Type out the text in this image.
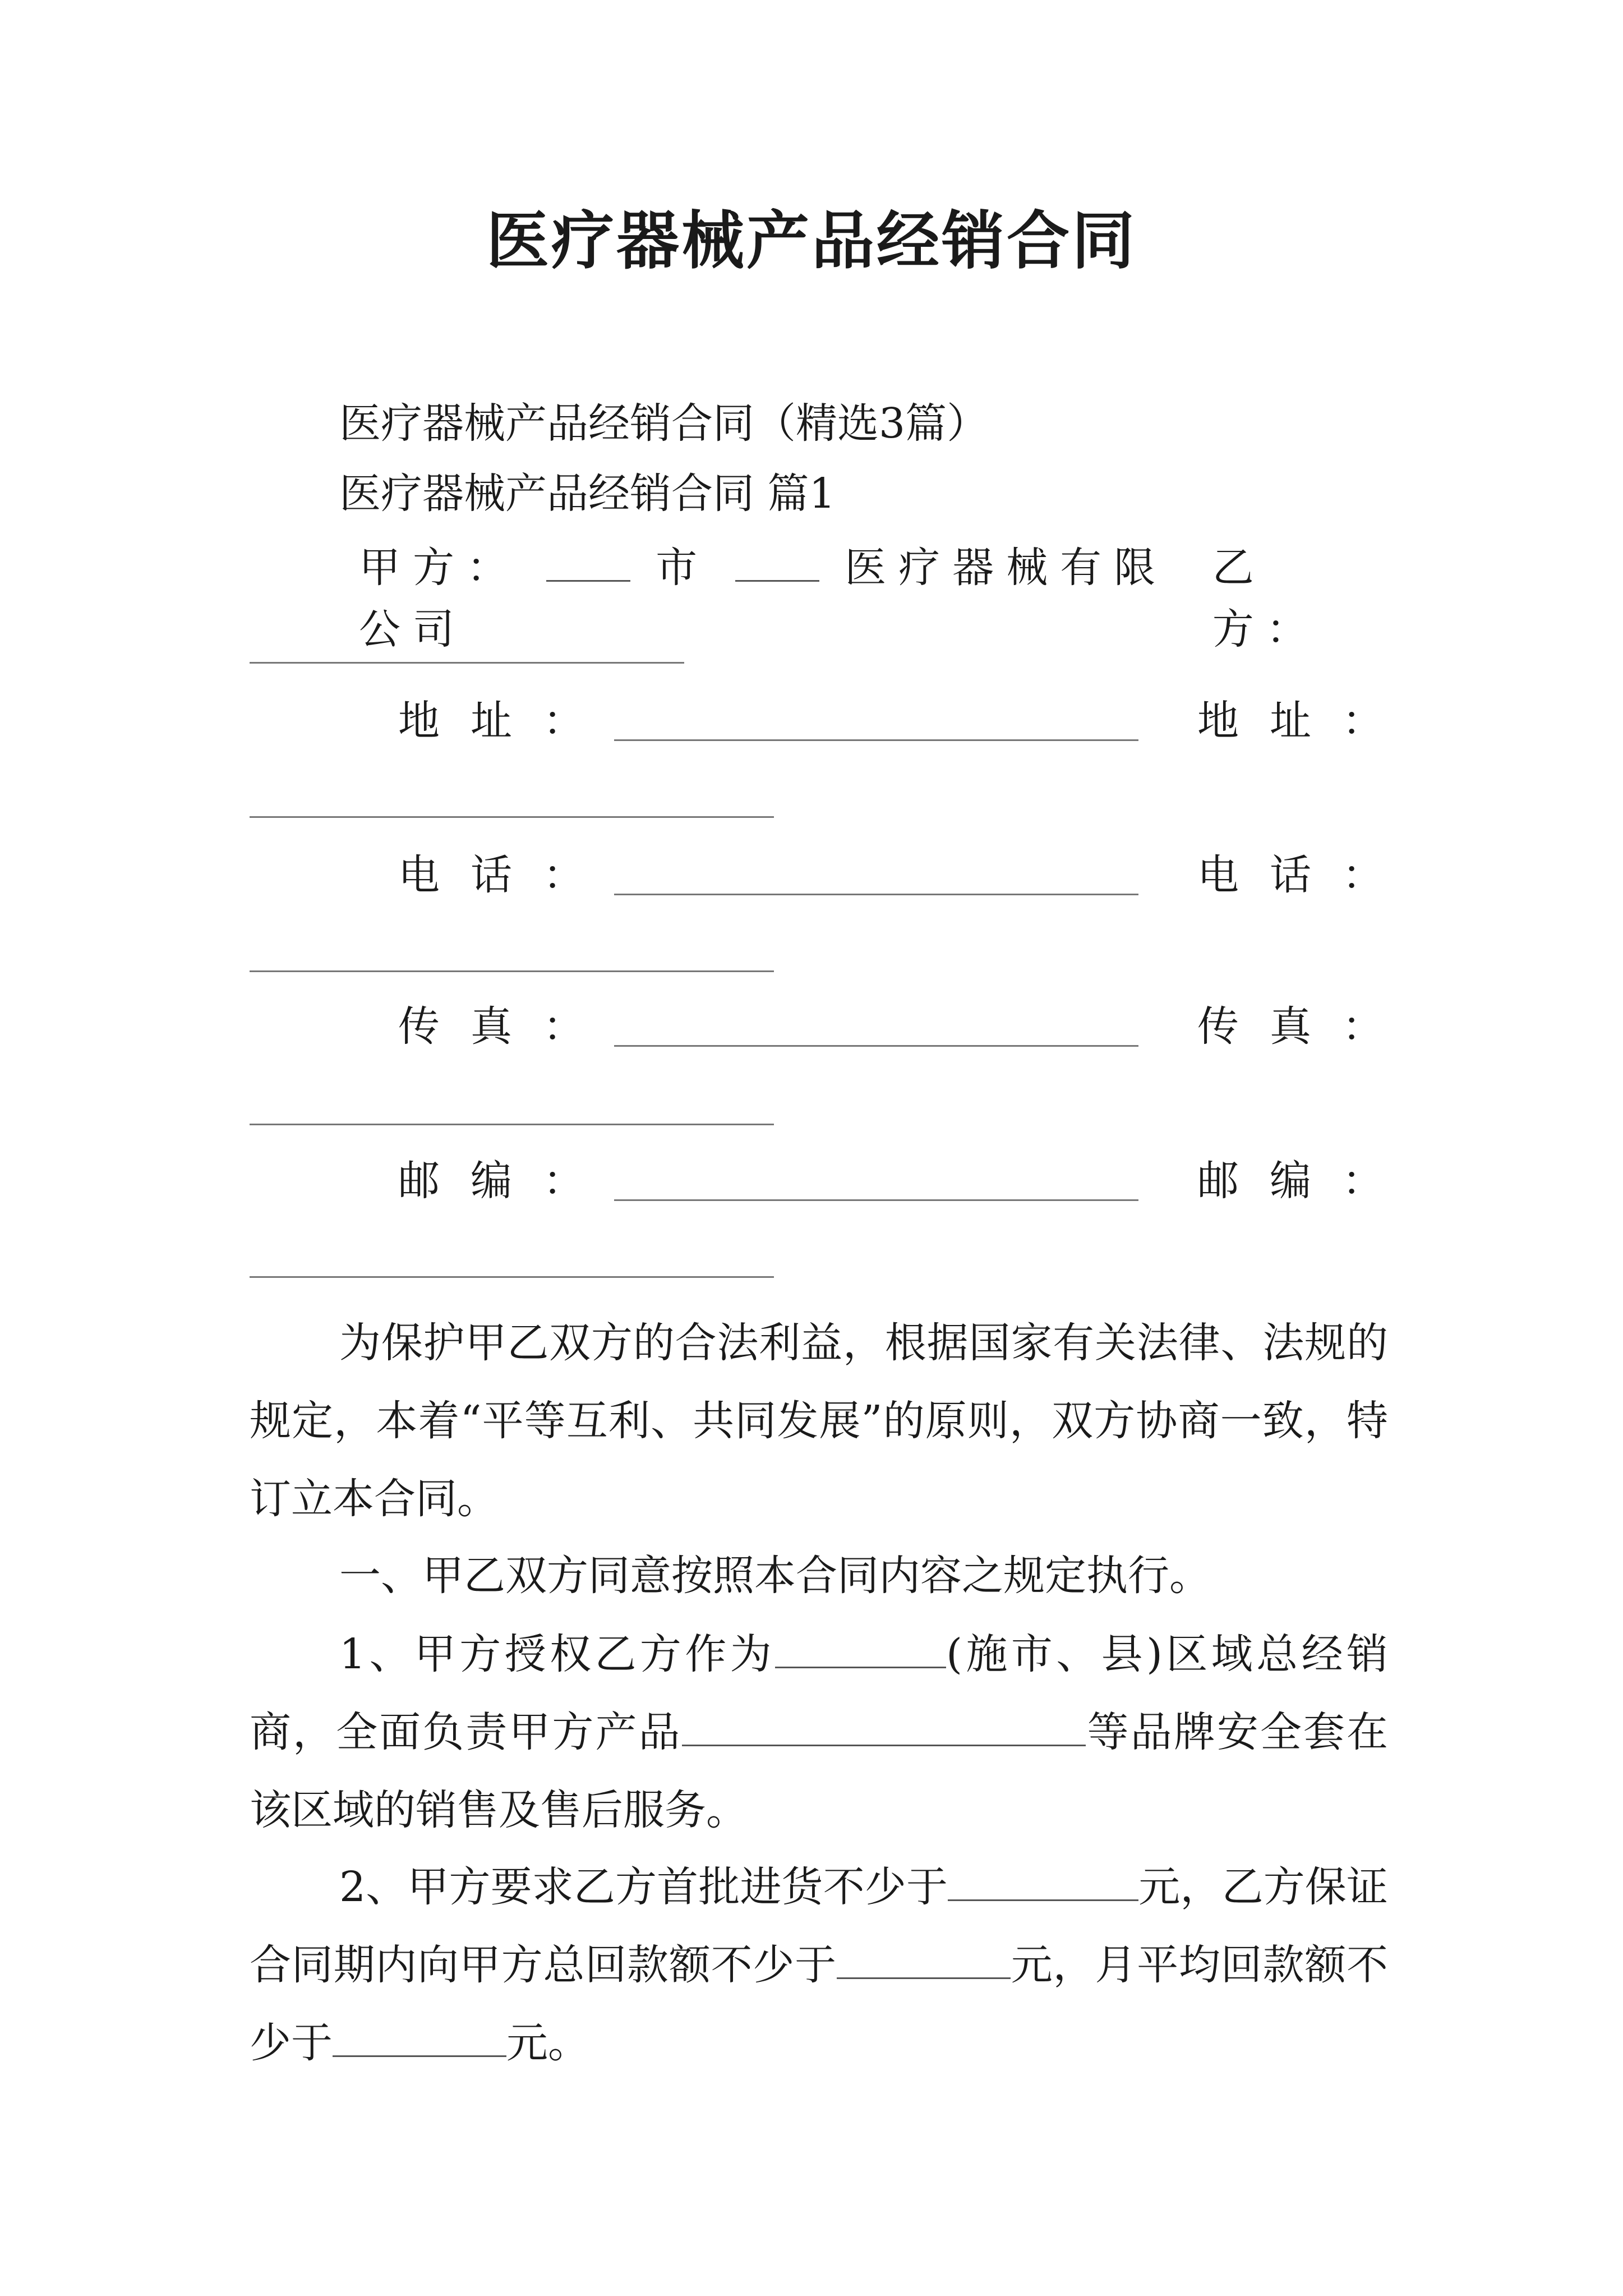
医疗器械产品经销合同
医疗器械产品经销合同（精选3篇）
医疗器械产品经销合同 篇1
甲方：	市	医疗器械有限公司
乙方：
地址：	地址：
电话：	电话：
传真：	传真：
邮编：	邮编：
为保护甲乙双方的合法利益，根据国家有关法律、法规的规定，本着“平等互利、共同发展”的原则，双方协商一致，特订立本合同。
一、甲乙双方同意按照本合同内容之规定执行。
1、甲方授权乙方作为	(施市、县)区域总经销商，全面负责甲方产品	等品牌安全套在该区域的销售及售后服务。
2、甲方要求乙方首批进货不少于	元，乙方保证合同期内向甲方总回款额不少于	元，月平均回款额不少于	元。
